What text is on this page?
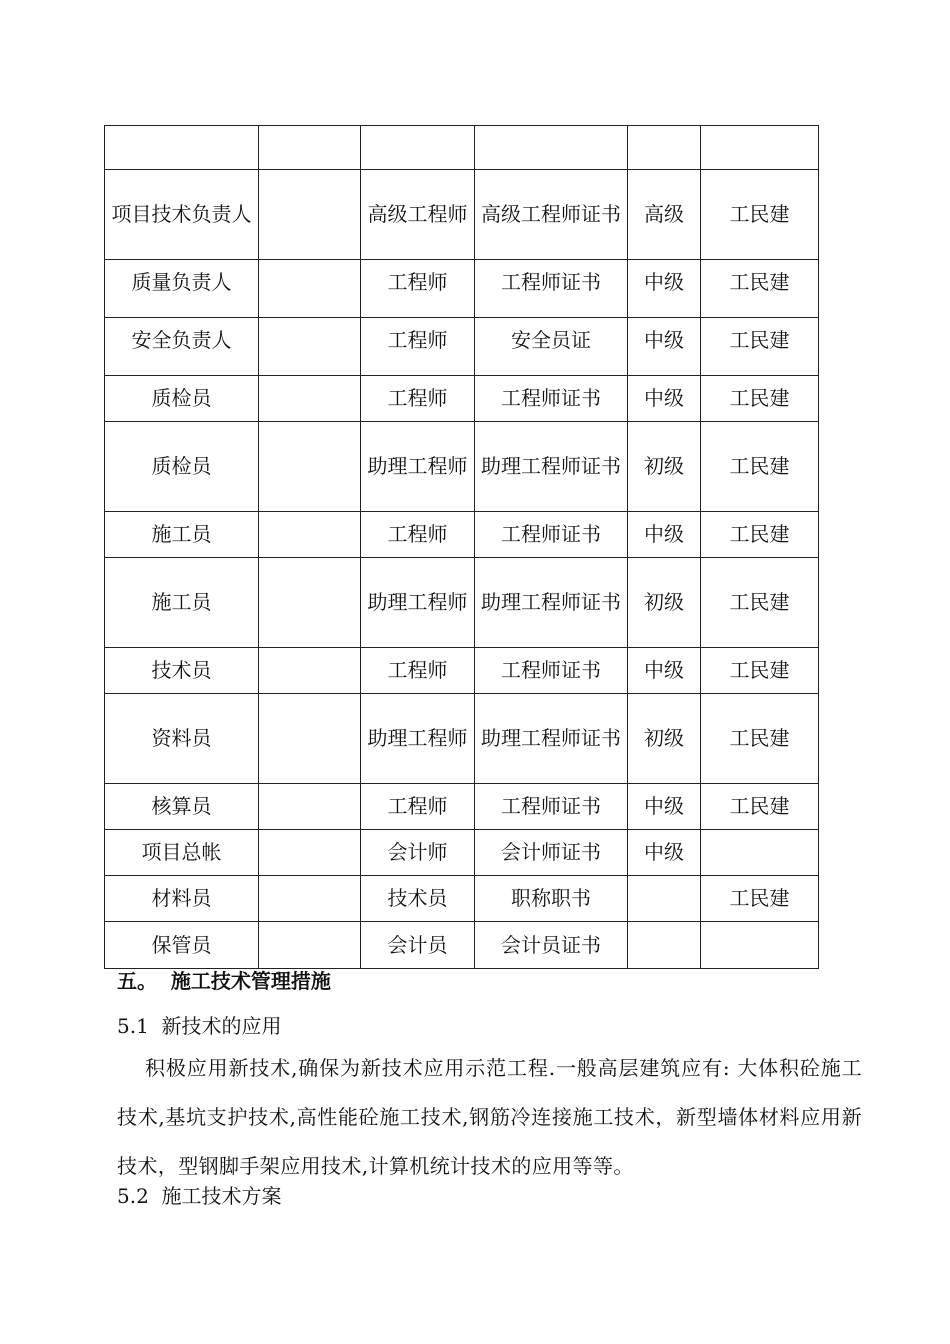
项目技术负责人		高级工程师	高级工程师证书	高级	工民建
质量负责人		工程师	工程师证书	中级	工民建
安全负责人		工程师	安全员证	中级	工民建
质检员		工程师	工程师证书	中级	工民建
质检员		助理工程师	助理工程师证书	初级	工民建
施工员		工程师	工程师证书	中级	工民建
施工员		助理工程师	助理工程师证书	初级	工民建
技术员		工程师	工程师证书	中级	工民建
资料员		助理工程师	助理工程师证书	初级	工民建
核算员		工程师	工程师证书	中级	工民建
项目总帐		会计师	会计师证书	中级	
材料员		技术员	职称职书		工民建
保管员		会计员	会计员证书		
五。  施工技术管理措施
5.1  新技术的应用
积极应用新技术,确保为新技术应用示范工程.一般高层建筑应有: 大体积砼施工技术,基坑支护技术,高性能砼施工技术,钢筋冷连接施工技术，新型墙体材料应用新技术，型钢脚手架应用技术,计算机统计技术的应用等等。
5.2  施工技术方案
